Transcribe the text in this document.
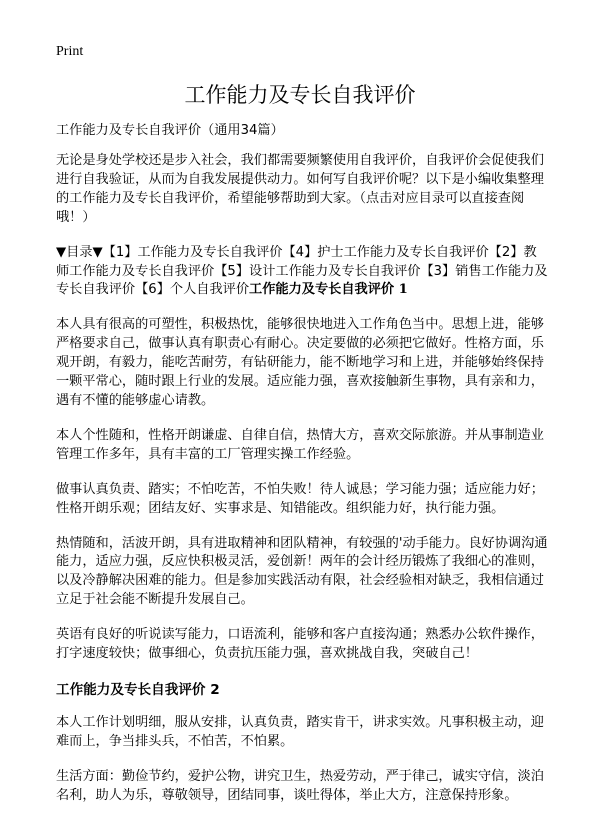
Print
工作能力及专长自我评价
工作能力及专长自我评价（通用34篇）

无论是身处学校还是步入社会，我们都需要频繁使用自我评价，自我评价会促使我们进行自我验证，从而为自我发展提供动力。如何写自我评价呢？以下是小编收集整理的工作能力及专长自我评价，希望能够帮助到大家。（点击对应目录可以直接查阅哦！）

▼目录▼【1】工作能力及专长自我评价【4】护士工作能力及专长自我评价【2】教师工作能力及专长自我评价【5】设计工作能力及专长自我评价【3】销售工作能力及专长自我评价【6】个人自我评价工作能力及专长自我评价 1

本人具有很高的可塑性，积极热忱，能够很快地进入工作角色当中。思想上进，能够严格要求自己，做事认真有职责心有耐心。决定要做的必须把它做好。性格方面，乐观开朗，有毅力，能吃苦耐劳，有钻研能力，能不断地学习和上进，并能够始终保持一颗平常心，随时跟上行业的发展。适应能力强，喜欢接触新生事物，具有亲和力，遇有不懂的能够虚心请教。

本人个性随和，性格开朗谦虚、自律自信，热情大方，喜欢交际旅游。并从事制造业管理工作多年，具有丰富的工厂管理实操工作经验。

做事认真负责、踏实；不怕吃苦，不怕失败！待人诚恳；学习能力强；适应能力好；性格开朗乐观；团结友好、实事求是、知错能改。组织能力好，执行能力强。

热情随和，活波开朗，具有进取精神和团队精神，有较强的'动手能力。良好协调沟通能力，适应力强，反应快积极灵活，爱创新！两年的会计经历锻炼了我细心的准则，以及冷静解决困难的能力。但是参加实践活动有限，社会经验相对缺乏，我相信通过立足于社会能不断提升发展自己。

英语有良好的听说读写能力，口语流利，能够和客户直接沟通；熟悉办公软件操作，打字速度较快；做事细心，负责抗压能力强，喜欢挑战自我，突破自己！

工作能力及专长自我评价 2

本人工作计划明细，服从安排，认真负责，踏实肯干，讲求实效。凡事积极主动，迎难而上，争当排头兵，不怕苦，不怕累。

生活方面：勤俭节约，爱护公物，讲究卫生，热爱劳动，严于律己，诚实守信，淡泊名利，助人为乐，尊敬领导，团结同事，谈吐得体，举止大方，注意保持形象。
